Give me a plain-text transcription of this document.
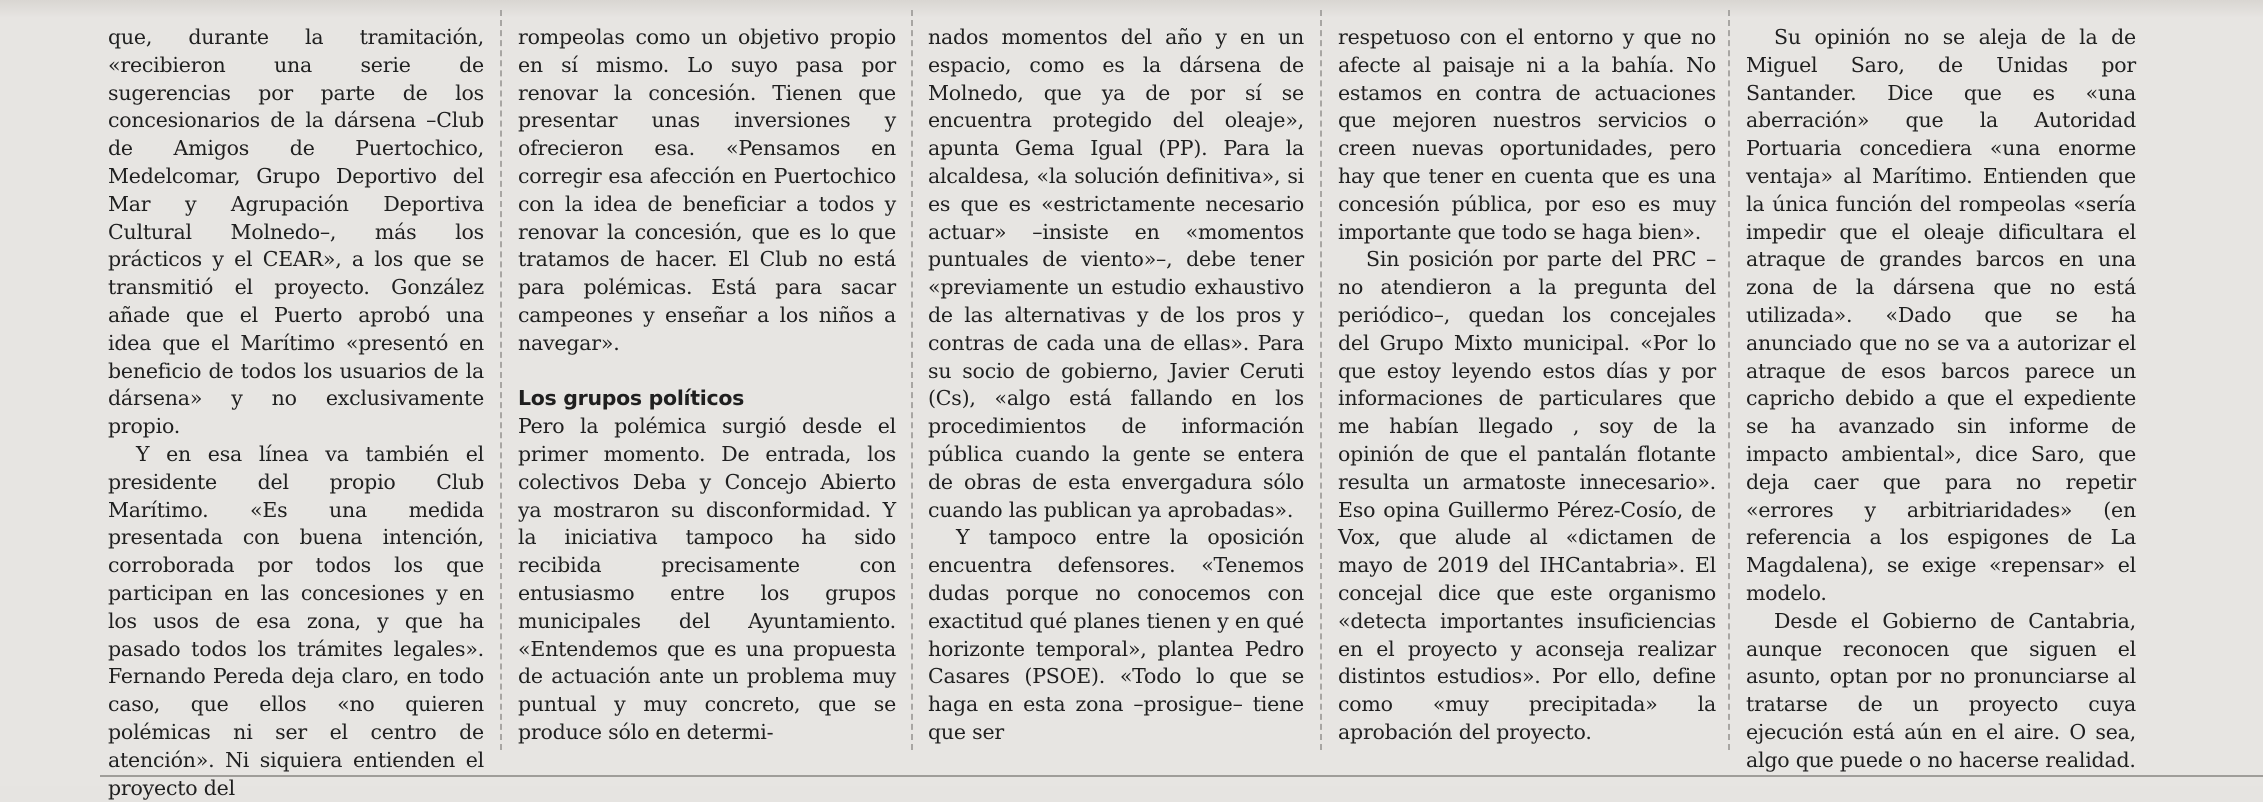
que, durante la tramitación, «recibieron una serie de sugerencias por parte de los concesionarios de la dársena –Club de Amigos de Puertochico, Medelcomar, Grupo Deportivo del Mar y Agrupación Deportiva Cultural Molnedo–, más los prácticos y el CEAR», a los que se transmitió el proyecto. González añade que el Puerto aprobó una idea que el Marítimo «presentó en beneficio de todos los usuarios de la dársena» y no exclusivamente propio.

Y en esa línea va también el presidente del propio Club Marítimo. «Es una medida presentada con buena intención, corroborada por todos los que participan en las concesiones y en los usos de esa zona, y que ha pasado todos los trámites legales». Fernando Pereda deja claro, en todo caso, que ellos «no quieren polémicas ni ser el centro de atención». Ni siquiera entienden el proyecto del

rompeolas como un objetivo propio en sí mismo. Lo suyo pasa por renovar la concesión. Tienen que presentar unas inversiones y ofrecieron esa. «Pensamos en corregir esa afección en Puertochico con la idea de beneficiar a todos y renovar la concesión, que es lo que tratamos de hacer. El Club no está para polémicas. Está para sacar campeones y enseñar a los niños a navegar».

Los grupos políticos

Pero la polémica surgió desde el primer momento. De entrada, los colectivos Deba y Concejo Abierto ya mostraron su disconformidad. Y la iniciativa tampoco ha sido recibida precisamente con entusiasmo entre los grupos municipales del Ayuntamiento. «Entendemos que es una propuesta de actuación ante un problema muy puntual y muy concreto, que se produce sólo en determi-

nados momentos del año y en un espacio, como es la dársena de Molnedo, que ya de por sí se encuentra protegido del oleaje», apunta Gema Igual (PP). Para la alcaldesa, «la solución definitiva», si es que es «estrictamente necesario actuar» –insiste en «momentos puntuales de viento»–, debe tener «previamente un estudio exhaustivo de las alternativas y de los pros y contras de cada una de ellas». Para su socio de gobierno, Javier Ceruti (Cs), «algo está fallando en los procedimientos de información pública cuando la gente se entera de obras de esta envergadura sólo cuando las publican ya aprobadas».

Y tampoco entre la oposición encuentra defensores. «Tenemos dudas porque no conocemos con exactitud qué planes tienen y en qué horizonte temporal», plantea Pedro Casares (PSOE). «Todo lo que se haga en esta zona –prosigue– tiene que ser

respetuoso con el entorno y que no afecte al paisaje ni a la bahía. No estamos en contra de actuaciones que mejoren nuestros servicios o creen nuevas oportunidades, pero hay que tener en cuenta que es una concesión pública, por eso es muy importante que todo se haga bien».

Sin posición por parte del PRC –no atendieron a la pregunta del periódico–, quedan los concejales del Grupo Mixto municipal. «Por lo que estoy leyendo estos días y por informaciones de particulares que me habían llegado , soy de la opinión de que el pantalán flotante resulta un armatoste innecesario». Eso opina Guillermo Pérez-Cosío, de Vox, que alude al «dictamen de mayo de 2019 del IHCantabria». El concejal dice que este organismo «detecta importantes insuficiencias en el proyecto y aconseja realizar distintos estudios». Por ello, define como «muy precipitada» la aprobación del proyecto.

Su opinión no se aleja de la de Miguel Saro, de Unidas por Santander. Dice que es «una aberración» que la Autoridad Portuaria concediera «una enorme ventaja» al Marítimo. Entienden que la única función del rompeolas «sería impedir que el oleaje dificultara el atraque de grandes barcos en una zona de la dársena que no está utilizada». «Dado que se ha anunciado que no se va a autorizar el atraque de esos barcos parece un capricho debido a que el expediente se ha avanzado sin informe de impacto ambiental», dice Saro, que deja caer que para no repetir «errores y arbitriaridades» (en referencia a los espigones de La Magdalena), se exige «repensar» el modelo.

Desde el Gobierno de Cantabria, aunque reconocen que siguen el asunto, optan por no pronunciarse al tratarse de un proyecto cuya ejecución está aún en el aire. O sea, algo que puede o no hacerse realidad.
